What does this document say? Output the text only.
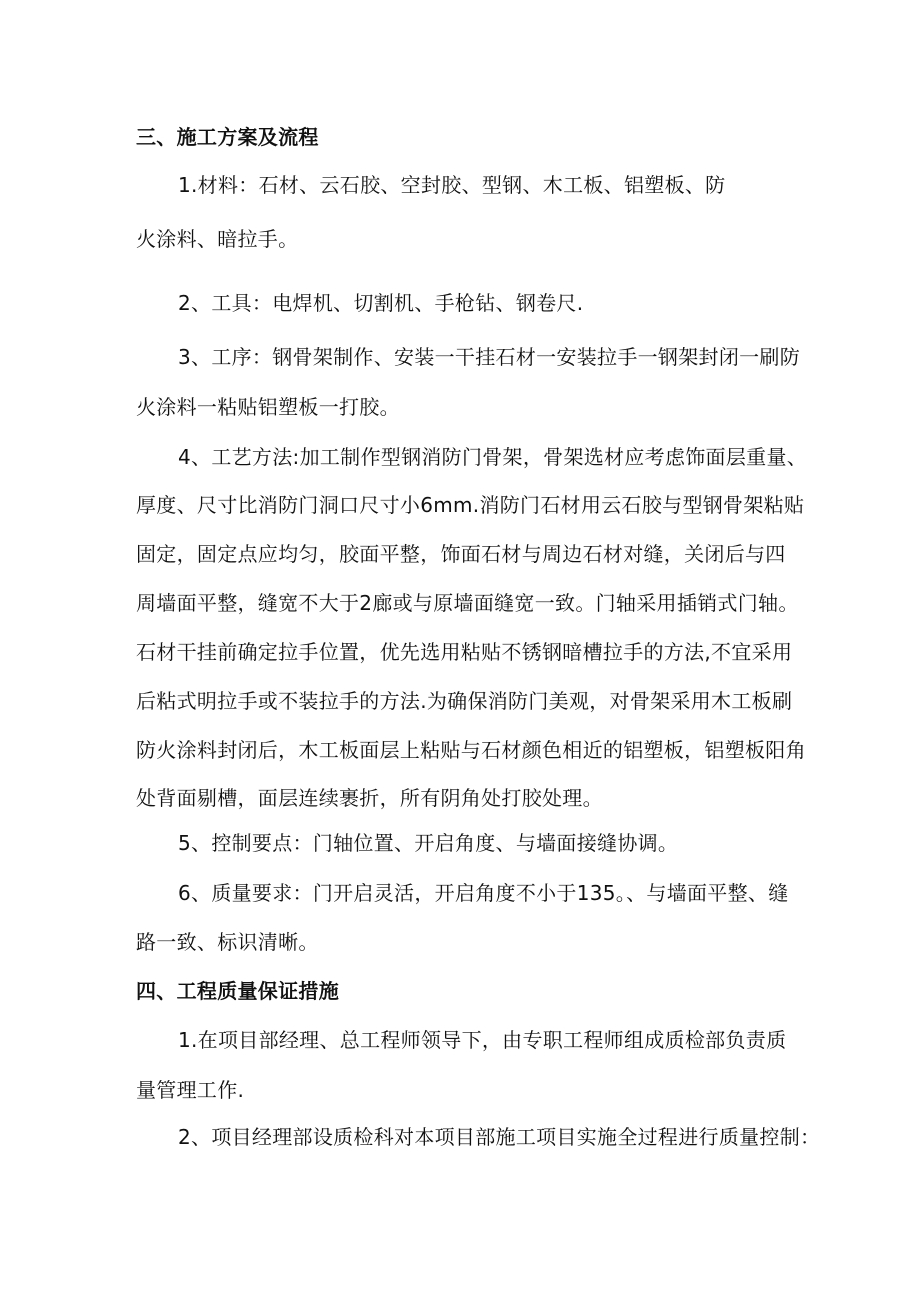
三、施工方案及流程
1.材料：石材、云石胶、空封胶、型钢、木工板、铝塑板、防
火涂料、暗拉手。
2、工具：电焊机、切割机、手枪钻、钢卷尺.
3、工序：钢骨架制作、安装一干挂石材一安装拉手一钢架封闭一刷防
火涂料一粘贴铝塑板一打胶。
4、工艺方法:加工制作型钢消防门骨架，骨架选材应考虑饰面层重量、
厚度、尺寸比消防门洞口尺寸小6mm.消防门石材用云石胶与型钢骨架粘贴
固定，固定点应均匀，胶面平整，饰面石材与周边石材对缝，关闭后与四
周墙面平整，缝宽不大于2廊或与原墙面缝宽一致。门轴采用插销式门轴。
石材干挂前确定拉手位置，优先选用粘贴不锈钢暗槽拉手的方法,不宜采用
后粘式明拉手或不装拉手的方法.为确保消防门美观，对骨架采用木工板刷
防火涂料封闭后，木工板面层上粘贴与石材颜色相近的铝塑板，铝塑板阳角
处背面剔槽，面层连续裹折，所有阴角处打胶处理。
5、控制要点：门轴位置、开启角度、与墙面接缝协调。
6、质量要求：门开启灵活，开启角度不小于135。、与墙面平整、缝
路一致、标识清晰。
四、工程质量保证措施
1.在项目部经理、总工程师领导下，由专职工程师组成质检部负责质
量管理工作.
2、项目经理部设质检科对本项目部施工项目实施全过程进行质量控制：
